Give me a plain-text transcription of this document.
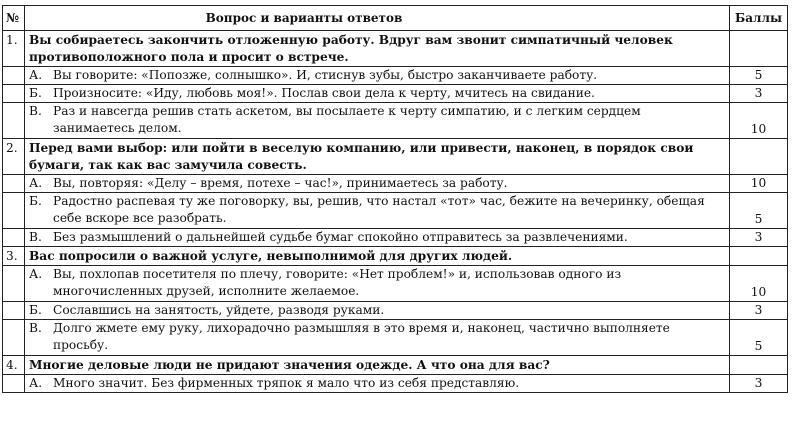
№	Вопрос и варианты ответов	Баллы
1.	Вы собираетесь закончить отложенную работу. Вдруг вам звонит симпатичный человек противоположного пола и просит о встрече.	

	А. Вы говорите: «Попозже, солнышко». И, стиснув зубы, быстро заканчиваете работу.	5

	Б. Произносите: «Иду, любовь моя!». Послав свои дела к черту, мчитесь на свидание.	3

	В. Раз и навсегда решив стать аскетом, вы посылаете к черту симпатию, и с легким сердцем занимаетесь делом.	10
2.	Перед вами выбор: или пойти в веселую компанию, или привести, наконец, в порядок свои бумаги, так как вас замучила совесть.	

	А. Вы, повторяя: «Делу – время, потехе – час!», принимаетесь за работу.	10

	Б. Радостно распевая ту же поговорку, вы, решив, что настал «тот» час, бежите на вечеринку, обещая себе вскоре все разобрать.	5

	В. Без размышлений о дальнейшей судьбе бумаг спокойно отправитесь за развлечениями.	3
3.	Вас попросили о важной услуге, невыполнимой для других людей.	

	А. Вы, похлопав посетителя по плечу, говорите: «Нет проблем!» и, использовав одного из многочисленных друзей, исполните желаемое.	10

	Б. Сославшись на занятость, уйдете, разводя руками.	3

	В. Долго жмете ему руку, лихорадочно размышляя в это время и, наконец, частично выполняете просьбу.	5
4.	Многие деловые люди не придают значения одежде. А что она для вас?	

	А. Много значит. Без фирменных тряпок я мало что из себя представляю.	3
